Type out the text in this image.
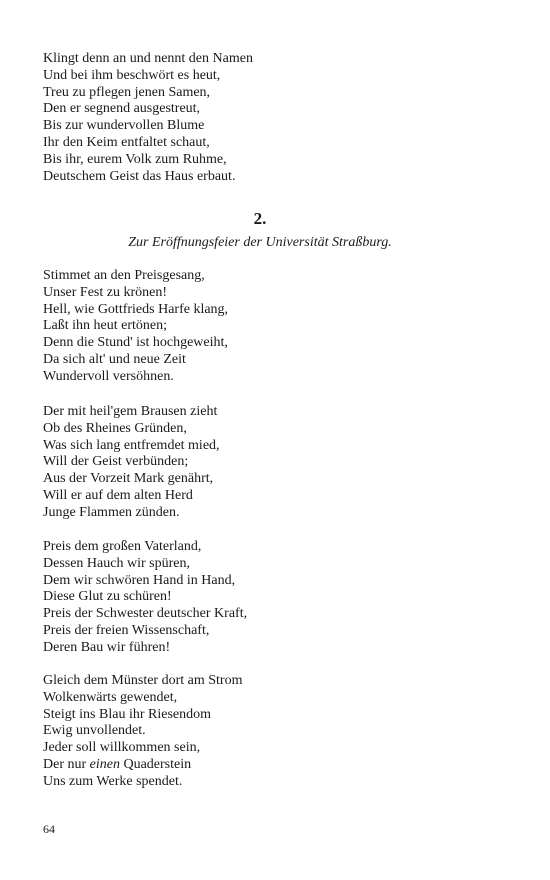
Klingt denn an und nennt den Namen
Und bei ihm beschwört es heut,
Treu zu pflegen jenen Samen,
Den er segnend ausgestreut,
Bis zur wundervollen Blume
Ihr den Keim entfaltet schaut,
Bis ihr, eurem Volk zum Ruhme,
Deutschem Geist das Haus erbaut.
2.
Zur Eröffnungsfeier der Universität Straßburg.
Stimmet an den Preisgesang,
Unser Fest zu krönen!
Hell, wie Gottfrieds Harfe klang,
Laßt ihn heut ertönen;
Denn die Stund' ist hochgeweiht,
Da sich alt' und neue Zeit
Wundervoll versöhnen.
Der mit heil'gem Brausen zieht
Ob des Rheines Gründen,
Was sich lang entfremdet mied,
Will der Geist verbünden;
Aus der Vorzeit Mark genährt,
Will er auf dem alten Herd
Junge Flammen zünden.
Preis dem großen Vaterland,
Dessen Hauch wir spüren,
Dem wir schwören Hand in Hand,
Diese Glut zu schüren!
Preis der Schwester deutscher Kraft,
Preis der freien Wissenschaft,
Deren Bau wir führen!
Gleich dem Münster dort am Strom
Wolkenwärts gewendet,
Steigt ins Blau ihr Riesendom
Ewig unvollendet.
Jeder soll willkommen sein,
Der nur einen Quaderstein
Uns zum Werke spendet.
64
